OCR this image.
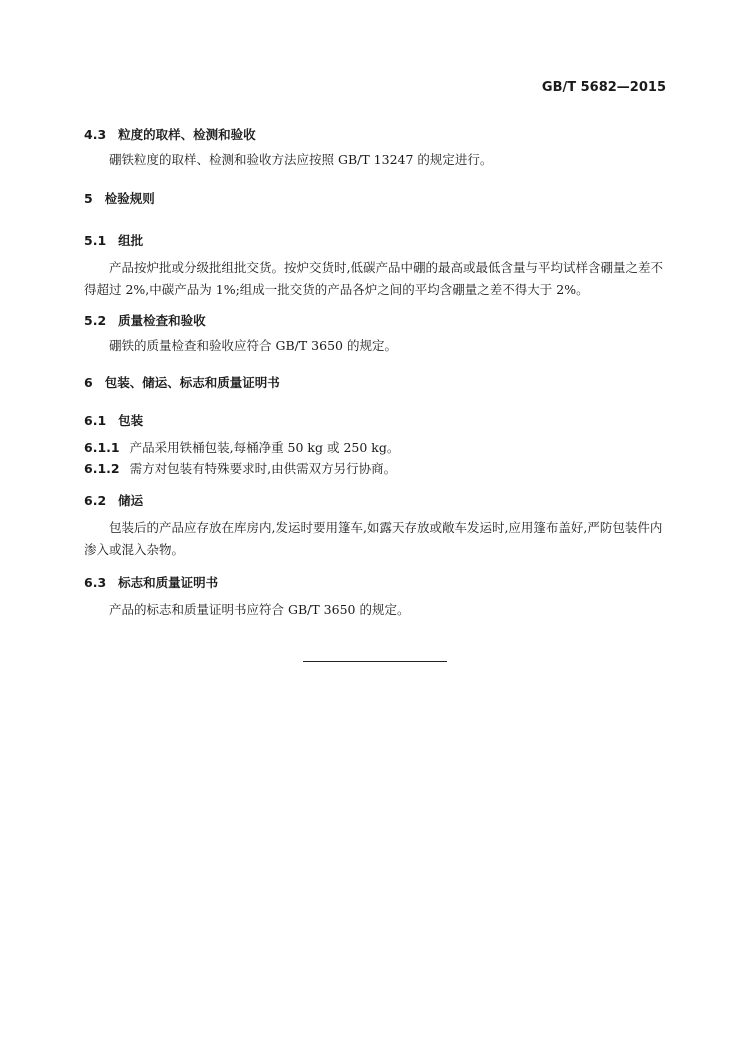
GB/T 5682—2015
4.3 粒度的取样、检测和验收

硼铁粒度的取样、检测和验收方法应按照 GB/T 13247 的规定进行。

5 检验规则
5.1 组批

产品按炉批或分级批组批交货。按炉交货时,低碳产品中硼的最高或最低含量与平均试样含硼量之差不得超过 2%,中碳产品为 1%;组成一批交货的产品各炉之间的平均含硼量之差不得大于 2%。

5.2 质量检查和验收

硼铁的质量检查和验收应符合 GB/T 3650 的规定。

6 包装、储运、标志和质量证明书
6.1 包装
6.1.1 产品采用铁桶包装,每桶净重 50 kg 或 250 kg。
6.1.2 需方对包装有特殊要求时,由供需双方另行协商。
6.2 储运

包装后的产品应存放在库房内,发运时要用篷车,如露天存放或敞车发运时,应用篷布盖好,严防包装件内渗入或混入杂物。

6.3 标志和质量证明书

产品的标志和质量证明书应符合 GB/T 3650 的规定。
